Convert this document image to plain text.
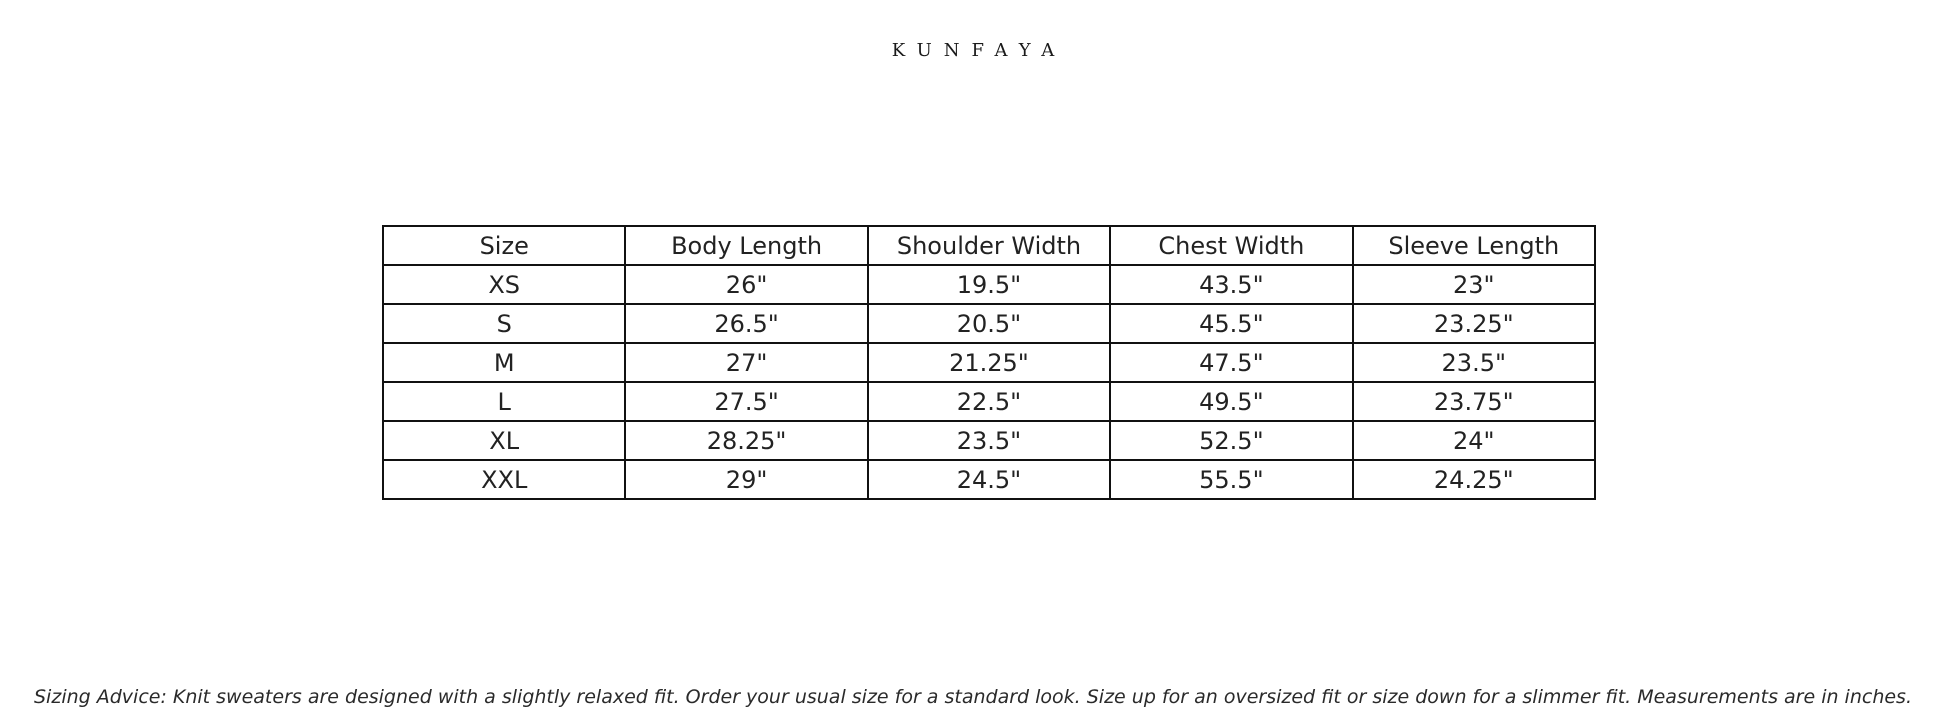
KUNFAYA
Size	Body Length	Shoulder Width	Chest Width	Sleeve Length
XS	26"	19.5"	43.5"	23"
S	26.5"	20.5"	45.5"	23.25"
M	27"	21.25"	47.5"	23.5"
L	27.5"	22.5"	49.5"	23.75"
XL	28.25"	23.5"	52.5"	24"
XXL	29"	24.5"	55.5"	24.25"
Sizing Advice: Knit sweaters are designed with a slightly relaxed fit. Order your usual size for a standard look. Size up for an oversized fit or size down for a slimmer fit. Measurements are in inches.
